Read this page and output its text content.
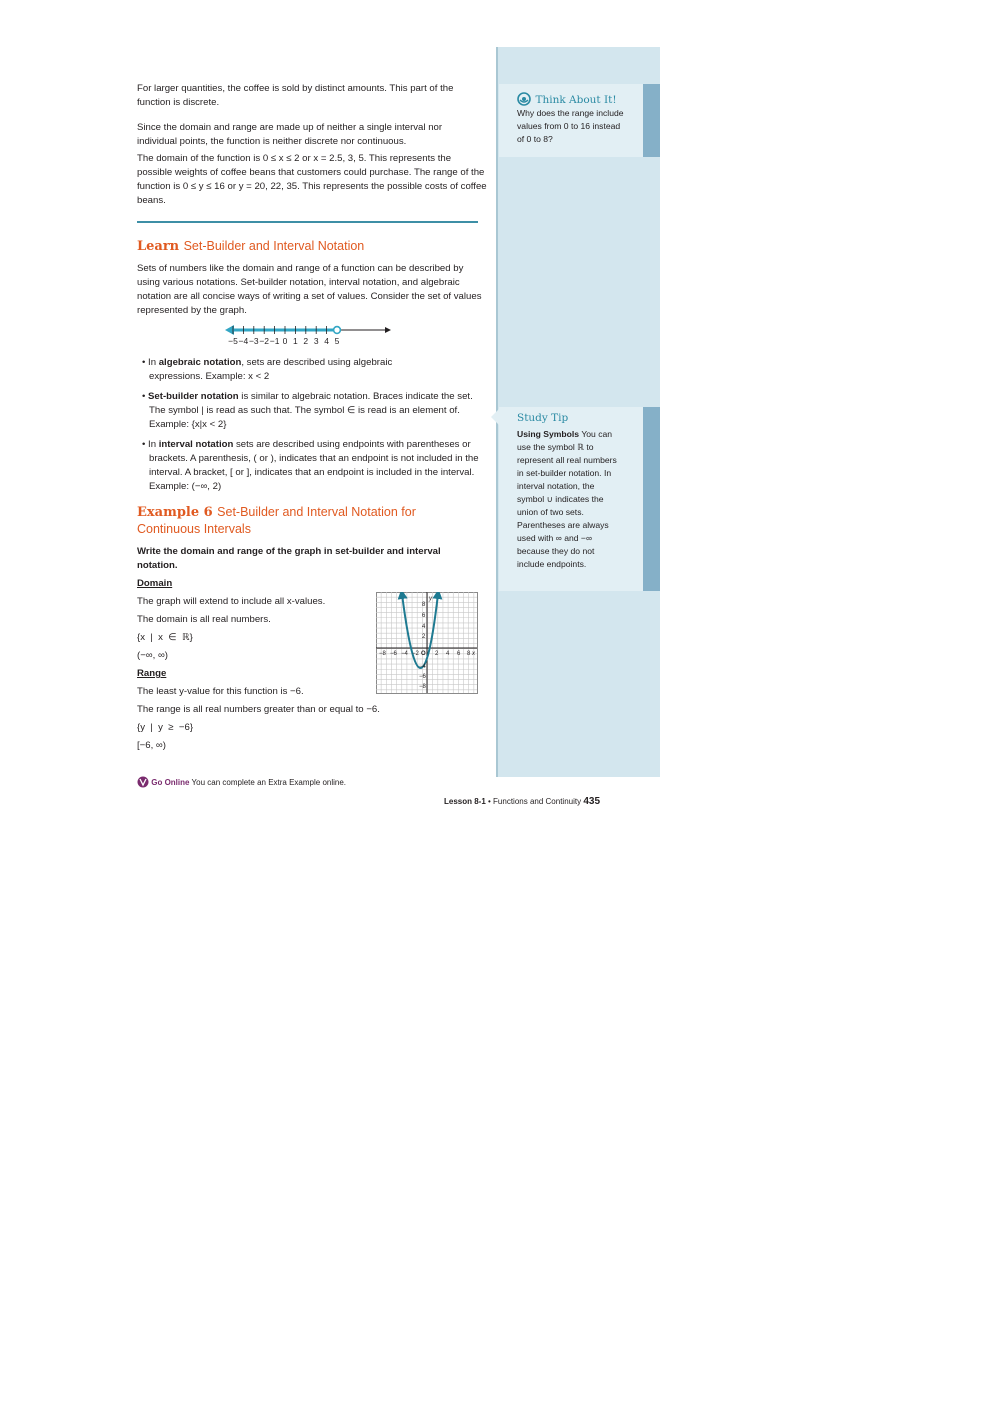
Think About It!
Why does the range include values from 0 to 16 instead of 0 to 8?
Study Tip
Using Symbols You can use the symbol ℝ to represent all real numbers in set-builder notation. In interval notation, the symbol ∪ indicates the union of two sets. Parentheses are always used with ∞ and −∞ because they do not include endpoints.

For larger quantities, the coffee is sold by distinct amounts. This part of the function is discrete.

Since the domain and range are made up of neither a single interval nor individual points, the function is neither discrete nor continuous.

The domain of the function is 0 ≤ x ≤ 2 or x = 2.5, 3, 5. This represents the possible weights of coffee beans that customers could purchase. The range of the function is 0 ≤ y ≤ 16 or y = 20, 22, 35. This represents the possible costs of coffee beans.

Learn Set-Builder and Interval Notation

Sets of numbers like the domain and range of a function can be described by using various notations. Set-builder notation, interval notation, and algebraic notation are all concise ways of writing a set of values. Consider the set of values represented by the graph.

−5 −4 −3 −2 −1 0 1 2 3 4 5

• In algebraic notation, sets are described using algebraic expressions. Example: x < 2

• Set-builder notation is similar to algebraic notation. Braces indicate the set. The symbol | is read as such that. The symbol ∈ is read is an element of. Example: {x|x < 2}

• In interval notation sets are described using endpoints with parentheses or brackets. A parenthesis, ( or ), indicates that an endpoint is not included in the interval. A bracket, [ or ], indicates that an endpoint is included in the interval. Example: (−∞, 2)

Example 6 Set-Builder and Interval Notation for Continuous Intervals

Write the domain and range of the graph in set-builder and interval notation.

Domain
The graph will extend to include all x-values.
The domain is all real numbers.
{x  |  x  ∈  ℝ}
(−∞, ∞)
Range
The least y-value for this function is −6.
The range is all real numbers greater than or equal to −6.
{y  |  y  ≥  −6}
[−6, ∞)
−8 −6 −4 −2 O 2 4 6 8 x
y
8
6
4
2
−4
−6
−8
Go Online You can complete an Extra Example online.
Lesson 8-1 • Functions and Continuity 435
